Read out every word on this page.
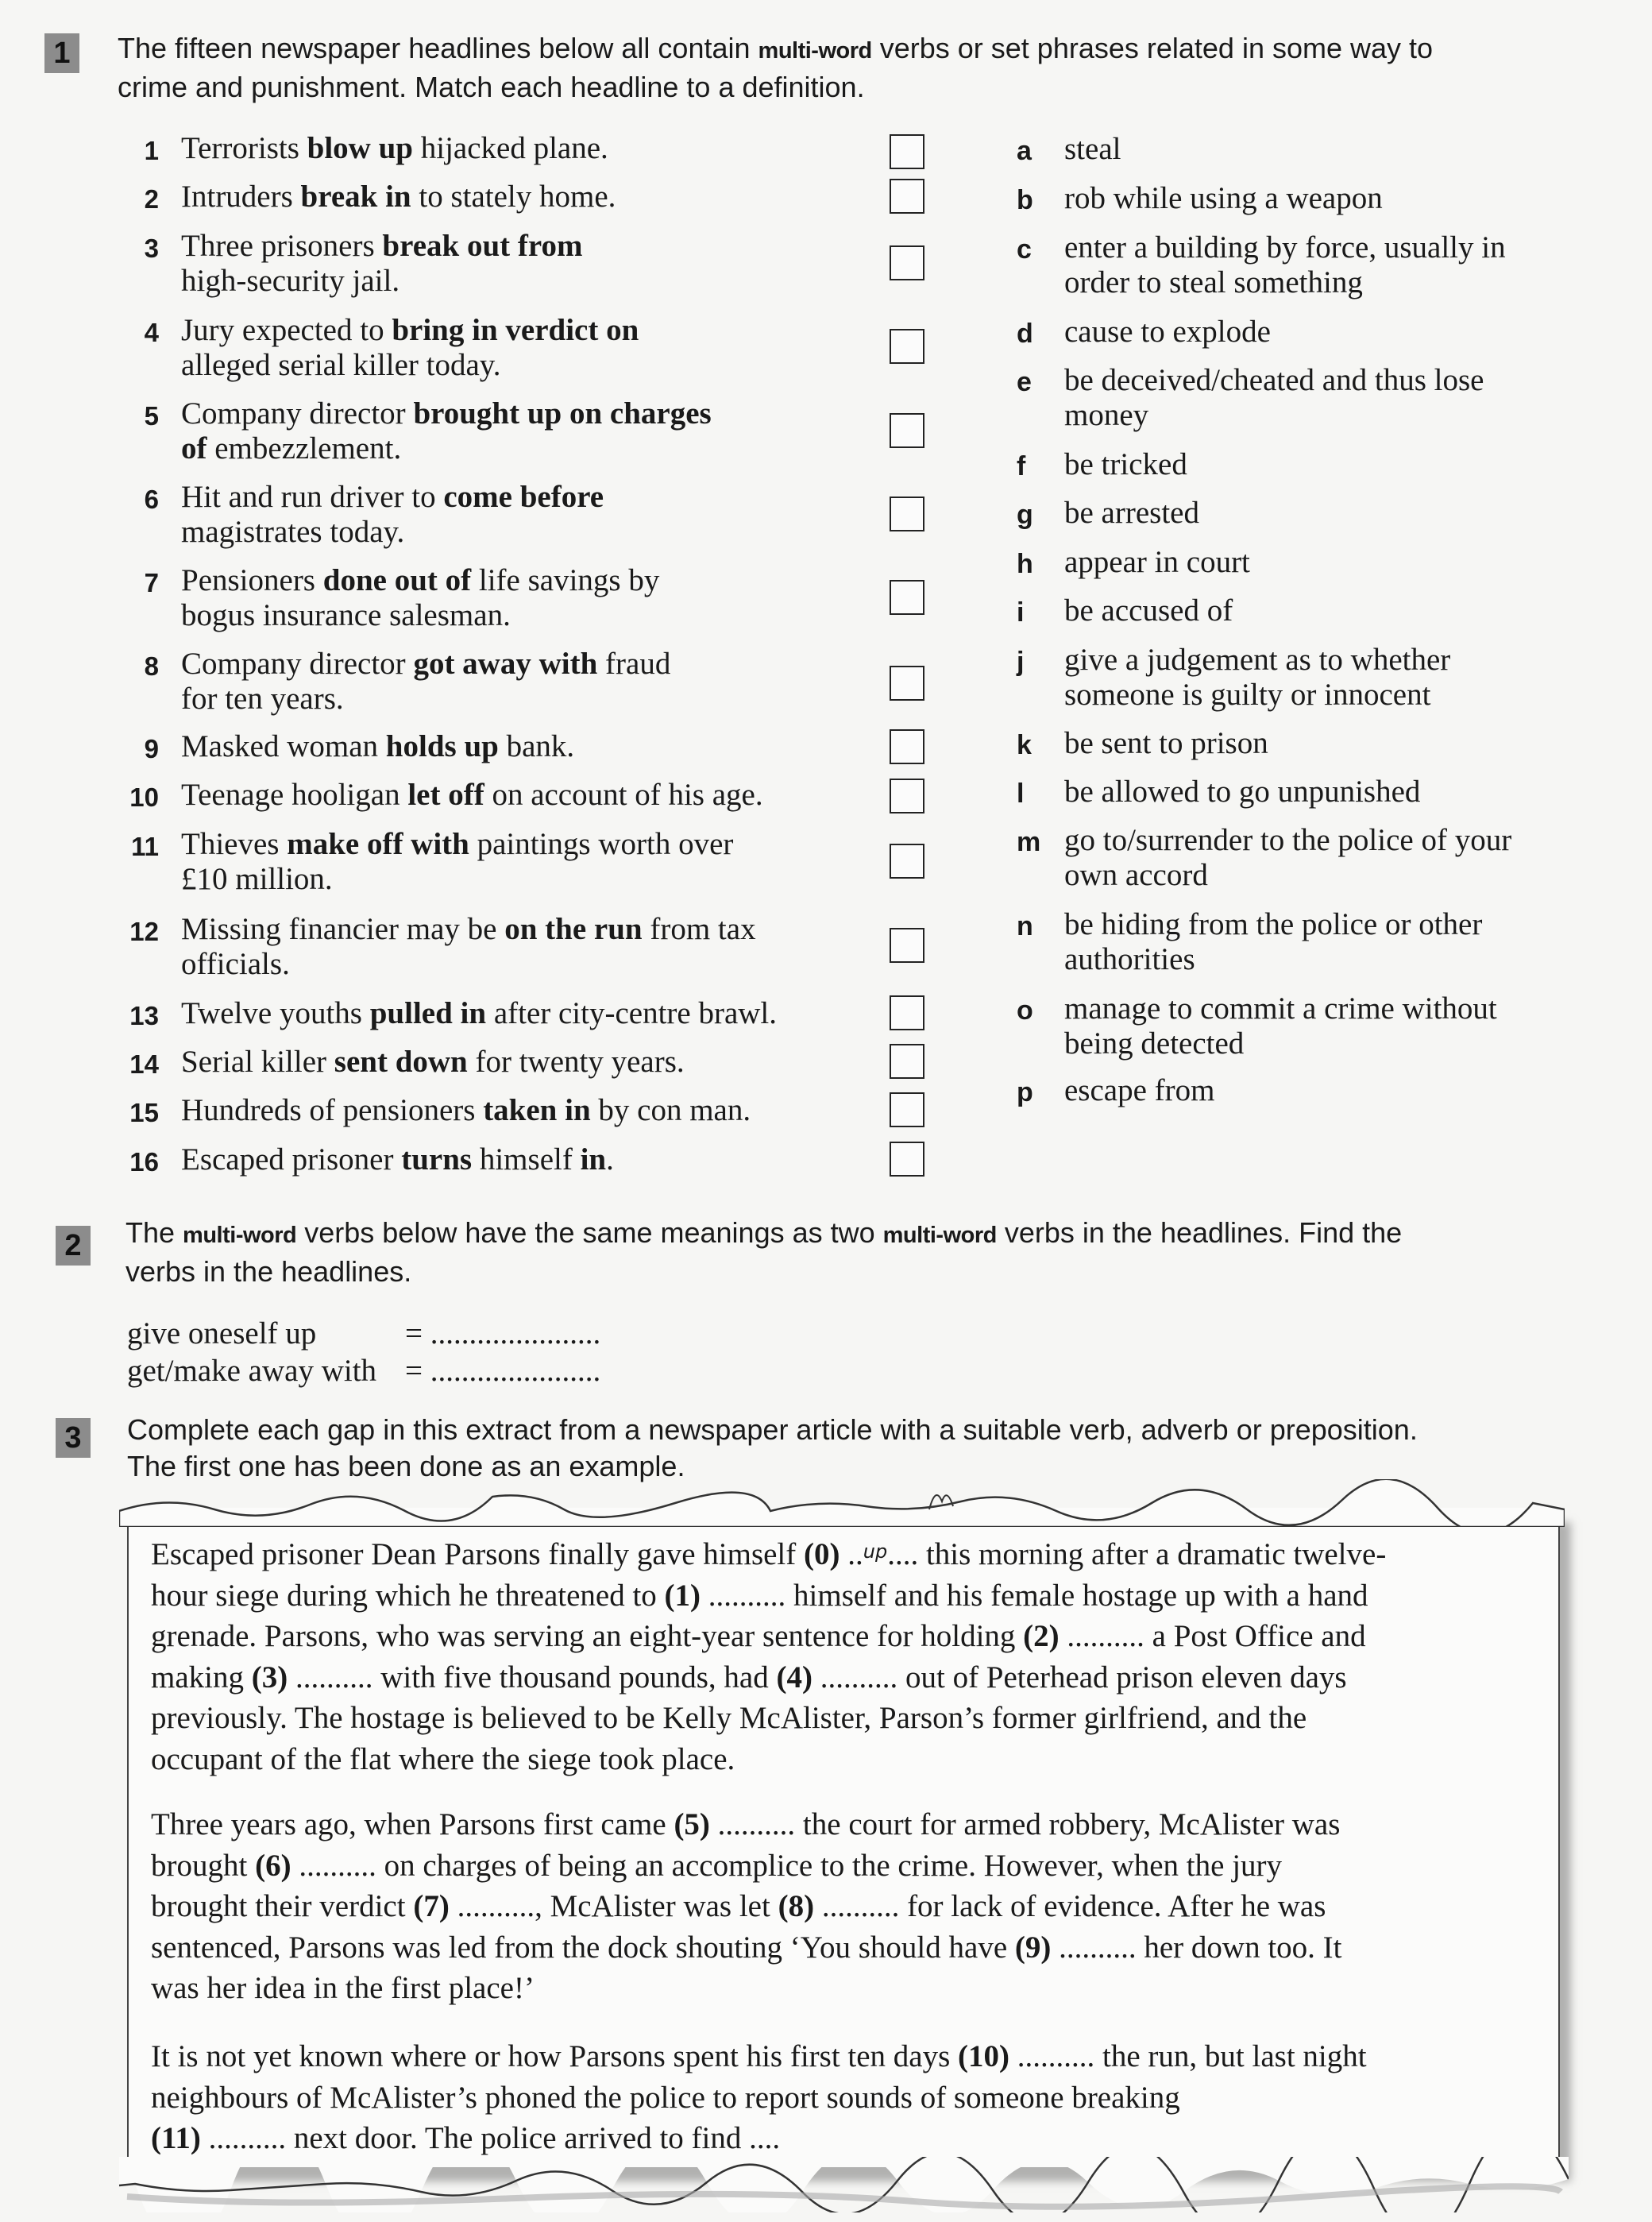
1	The fifteen newspaper headlines below all contain multi-word verbs or set phrases related in some way to
crime and punishment. Match each headline to a definition.
1 Terrorists blow up hijacked plane.
2 Intruders break in to stately home.
3 Three prisoners break out from
high-security jail.
4 Jury expected to bring in verdict on
alleged serial killer today.
5 Company director brought up on charges
of embezzlement.
6 Hit and run driver to come before
magistrates today.
7 Pensioners done out of life savings by
bogus insurance salesman.
8 Company director got away with fraud
for ten years.
9 Masked woman holds up bank.
10 Teenage hooligan let off on account of his age.
11 Thieves make off with paintings worth over
£10 million.
12 Missing financier may be on the run from tax
officials.
13 Twelve youths pulled in after city-centre brawl.
14 Serial killer sent down for twenty years.
15 Hundreds of pensioners taken in by con man.
16 Escaped prisoner turns himself in.
a	steal
b	rob while using a weapon
c	enter a building by force, usually in
order to steal something
d	cause to explode
e	be deceived/cheated and thus lose
money
f	be tricked
g	be arrested
h	appear in court
i	be accused of
j	give a judgement as to whether
someone is guilty or innocent
k	be sent to prison
l	be allowed to go unpunished
m go to/surrender to the police of your
own accord
n	be hiding from the police or other
authorities
o	manage to commit a crime without
being detected
p	escape from
2	The multi-word verbs below have the same meanings as two multi-word verbs in the headlines. Find the
verbs in the headlines.
give oneself up	= ......................
get/make away with = ......................
3	Complete each gap in this extract from a newspaper article with a suitable verb, adverb or preposition.
The first one has been done as an example.
Escaped prisoner Dean Parsons finally gave himself (0) ..$^{up}$.... this morning after a dramatic twelve-
hour siege during which he threatened to (1) .......... himself and his female hostage up with a hand
grenade. Parsons, who was serving an eight-year sentence for holding (2) .......... a Post Office and
making (3) .......... with five thousand pounds, had (4) .......... out of Peterhead prison eleven days
previously. The hostage is believed to be Kelly McAlister, Parson’s former girlfriend, and the
occupant of the flat where the siege took place.
Three years ago, when Parsons first came (5) .......... the court for armed robbery, McAlister was
brought (6) .......... on charges of being an accomplice to the crime. However, when the jury
brought their verdict (7) .........., McAlister was let (8) .......... for lack of evidence. After he was
sentenced, Parsons was led from the dock shouting ‘You should have (9) .......... her down too. It
was her idea in the first place!’
It is not yet known where or how Parsons spent his first ten days (10) .......... the run, but last night
neighbours of McAlister’s phoned the police to report sounds of someone breaking
(11) .......... next door. The police arrived to find ....
